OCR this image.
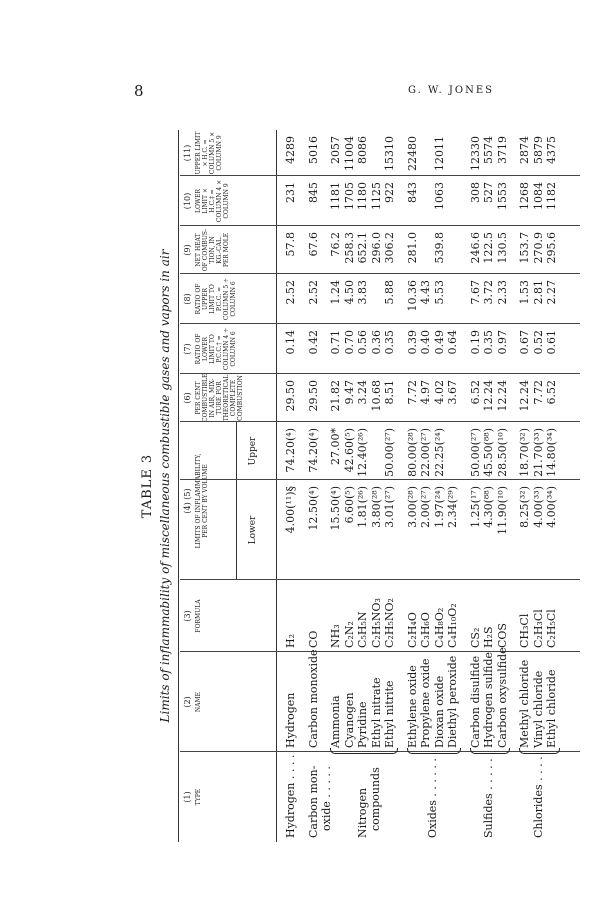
8	G. W. JONES
TABLE 3 Limits of inflammability of miscellaneous combustible gases and vapors in air
(1) TYPE
(2) NAME
(3) FORMULA
(4) (5)
LIMITS OF INFLAMMABILITY,
PER CENT BY VOLUME
(6)
PER CENT
COMBUSTIBLE
IN AIR, MIX-
TURE FOR
THEORETICAL
COMPLETE
COMBUSTION
(7) RATIO OF
LOWER
LIMIT TO
P.C.C.† =
COLUMN 4 ÷
COLUMN 6
(8) RATIO OF
UPPER
LIMIT TO
P.C.C. =
COLUMN 5 ÷
COLUMN 6
(9)
NET HEAT
OF COMBUS-
TION, IN
KG.-CAL.
PER MOLE
(10) LOWER
LIMIT ×
H.C.‡ =
COLUMN 4 ×
COLUMN 9
(11) UPPER LIMIT
× H.C. =
COLUMN 5 ×
COLUMN 9
Lower
Upper
Hydrogen
H₂
4.00(¹¹)§
74.20(⁴)
29.50
0.14
2.52
57.8
231
4289
Hydrogen . . . .
Carbon monoxide
CO
12.50(⁴)
74.20(⁴)
29.50
0.42
2.52
67.6
845
5016
Carbon mon-
oxide . . . . .
Ammonia
NH₃
15.50(⁴)
27.00*
21.82
0.71
1.24
76.2
1181
2057
Cyanogen
C₂N₂
6.60(⁵)
42.60(⁵)
9.47
0.70
4.50
258.3
1705
11004
Pyridine
C₅H₅N
1.81(²⁶)
12.40(²⁶)
3.24
0.56
3.83
652.1
1180
8086
Ethyl nitrate
C₂H₅NO₃
3.80(²⁸)
10.68
0.36
296.0
1125
Ethyl nitrite
C₂H₅NO₂
3.01(²⁷)
50.00(²⁷)
8.51
0.35
5.88
306.2
922
15310
Nitrogen
compounds
Ethylene oxide
C₂H₄O
3.00(²⁸)
80.00(²⁸)
7.72
0.39
10.36
281.0
843
22480
Propylene oxide
C₃H₆O
2.00(²⁷)
22.00(²⁷)
4.97
0.40
4.43
Dioxan oxide
C₄H₈O₂
1.97(²⁴)
22.25(²⁴)
4.02
0.49
5.53
539.8
1063
12011
Diethyl peroxide
C₄H₁₀O₂
2.34(²⁹)
3.67
0.64
Oxides . . . . . .
Carbon disulfide
CS₂
1.25(¹⁷)
50.00(²⁷)
6.52
0.19
7.67
246.6
308
12330
Hydrogen sulfide
H₂S
4.30(⁸⁸)
45.50(⁸⁸)
12.24
0.35
3.72
122.5
527
5574
Carbon oxysulfide
COS
11.90(¹⁰)
28.50(¹⁰)
12.24
0.97
2.33
130.5
1553
3719
Sulfides . . . . .
Methyl chloride
CH₃Cl
8.25(³²)
18.70(³²)
12.24
0.67
1.53
153.7
1268
2874
Vinyl chloride
C₂H₃Cl
4.00(³³)
21.70(³³)
7.72
0.52
2.81
270.9
1084
5879
Ethyl chloride
C₂H₅Cl
4.00(³⁴)
14.80(³⁴)
6.52
0.61
2.27
295.6
1182
4375
Chlorides . . . .
